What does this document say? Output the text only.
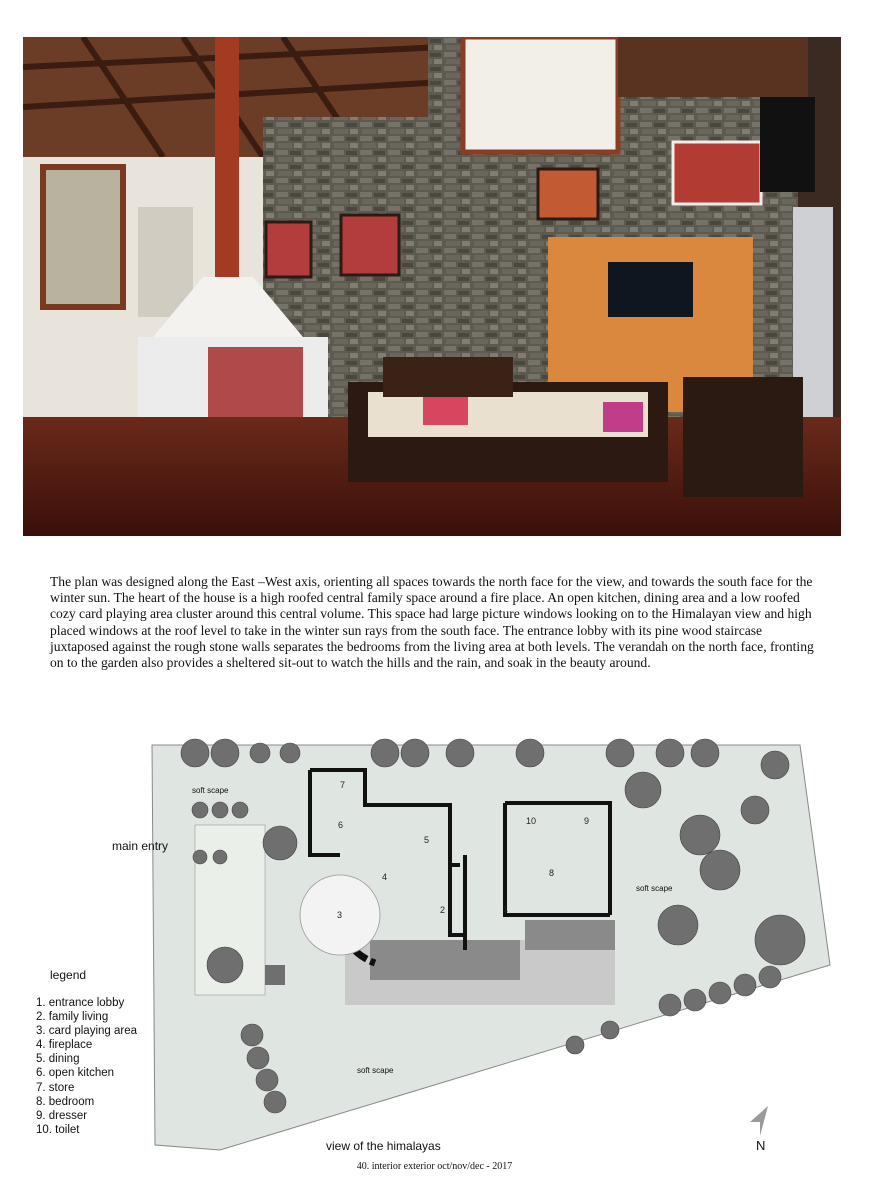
The plan was designed along the East –West axis, orienting all spaces towards the north face for the view, and towards the south face for the winter sun. The heart of the house is a high roofed central family space around a fire place. An open kitchen, dining area and a low roofed cozy card playing area cluster around this central volume. This space had large picture windows looking on to the Himalayan view and high placed windows at the roof level to take in the winter sun rays from the south face. The entrance lobby with its pine wood staircase juxtaposed against the rough stone walls separates the bedrooms from the living area at both levels. The verandah on the north face, fronting on to the garden also provides a sheltered sit-out to watch the hills and the rain, and soak in the beauty around.

1
2
3
4
5
6
7
8
9
10
soft scape
soft scape
soft scape
main entry
view of the himalayas	N
legend
1. entrance lobby
2. family living
3. card playing area
4. fireplace
5. dining
6. open kitchen
7. store
8. bedroom
9. dresser
10. toilet
40. interior exterior oct/nov/dec - 2017
